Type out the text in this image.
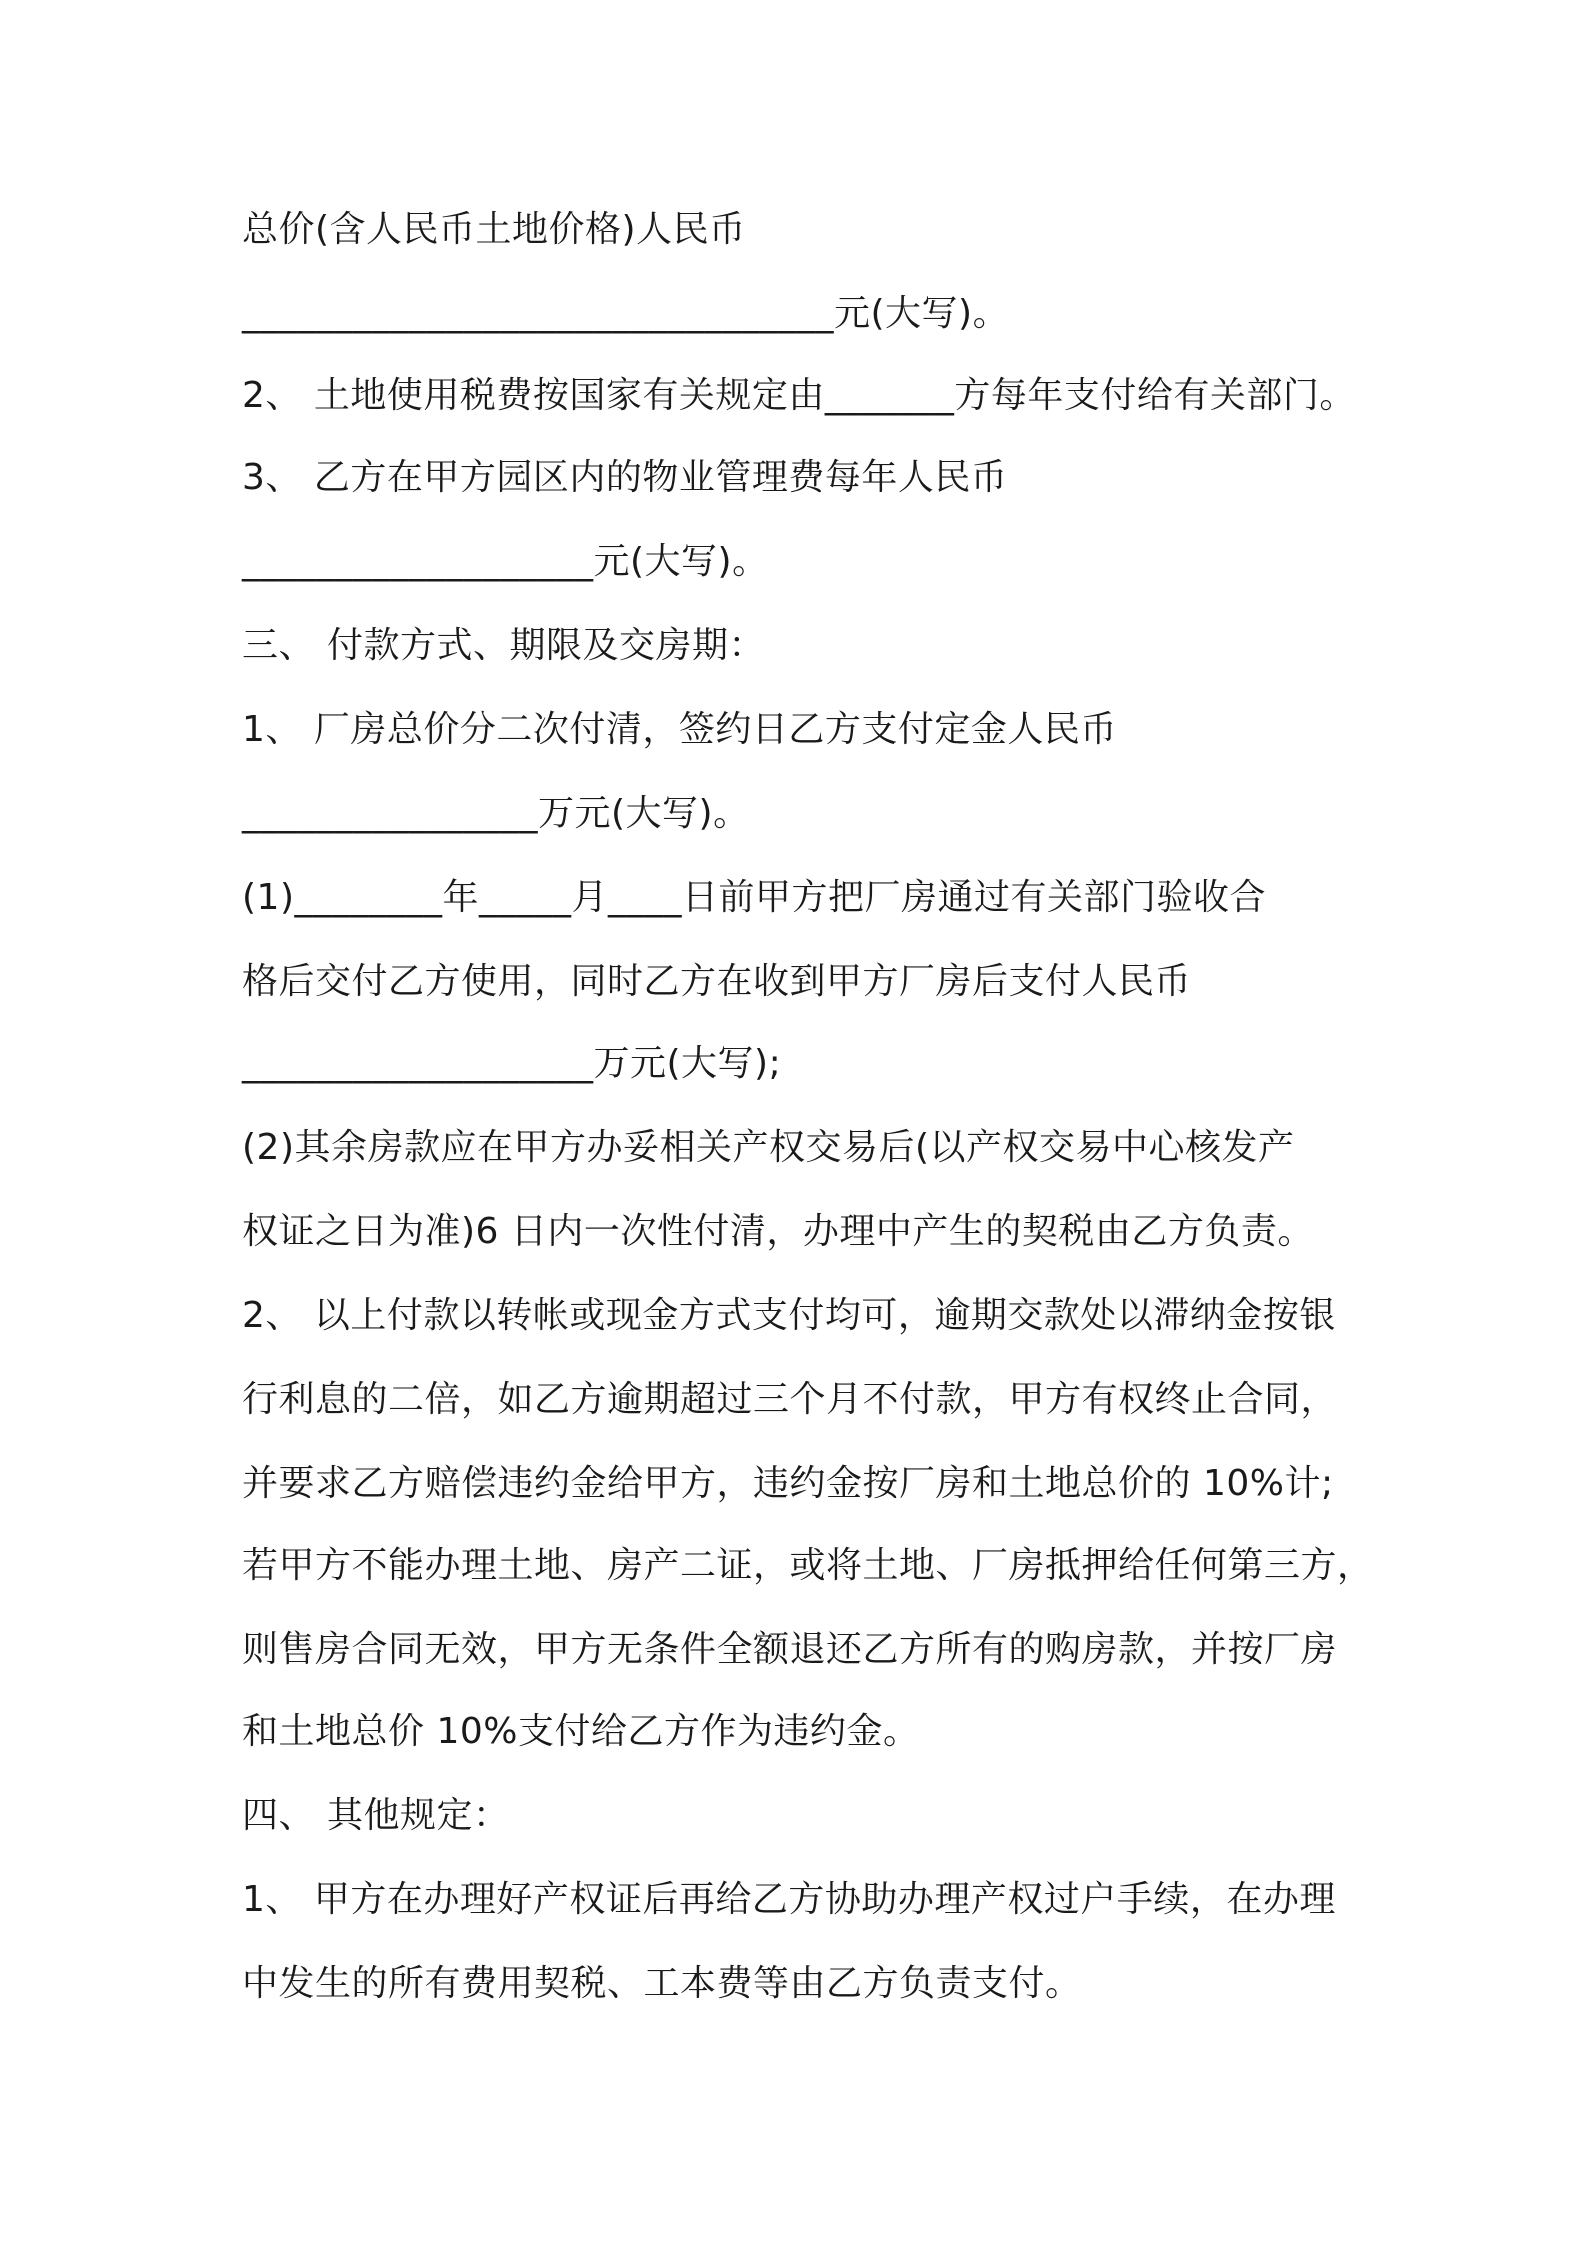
总价(含人民币土地价格)人民币
________________________________元(大写)。
2、 土地使用税费按国家有关规定由_______方每年支付给有关部门。
3、 乙方在甲方园区内的物业管理费每年人民币
___________________元(大写)。
三、 付款方式、期限及交房期：
1、 厂房总价分二次付清，签约日乙方支付定金人民币
________________万元(大写)。
(1)________年_____月____日前甲方把厂房通过有关部门验收合
格后交付乙方使用，同时乙方在收到甲方厂房后支付人民币
___________________万元(大写);
(2)其余房款应在甲方办妥相关产权交易后(以产权交易中心核发产
权证之日为准)6 日内一次性付清，办理中产生的契税由乙方负责。
2、 以上付款以转帐或现金方式支付均可，逾期交款处以滞纳金按银
行利息的二倍，如乙方逾期超过三个月不付款，甲方有权终止合同，
并要求乙方赔偿违约金给甲方，违约金按厂房和土地总价的 10%计;
若甲方不能办理土地、房产二证，或将土地、厂房抵押给任何第三方，
则售房合同无效，甲方无条件全额退还乙方所有的购房款，并按厂房
和土地总价 10%支付给乙方作为违约金。
四、 其他规定：
1、 甲方在办理好产权证后再给乙方协助办理产权过户手续，在办理
中发生的所有费用契税、工本费等由乙方负责支付。
